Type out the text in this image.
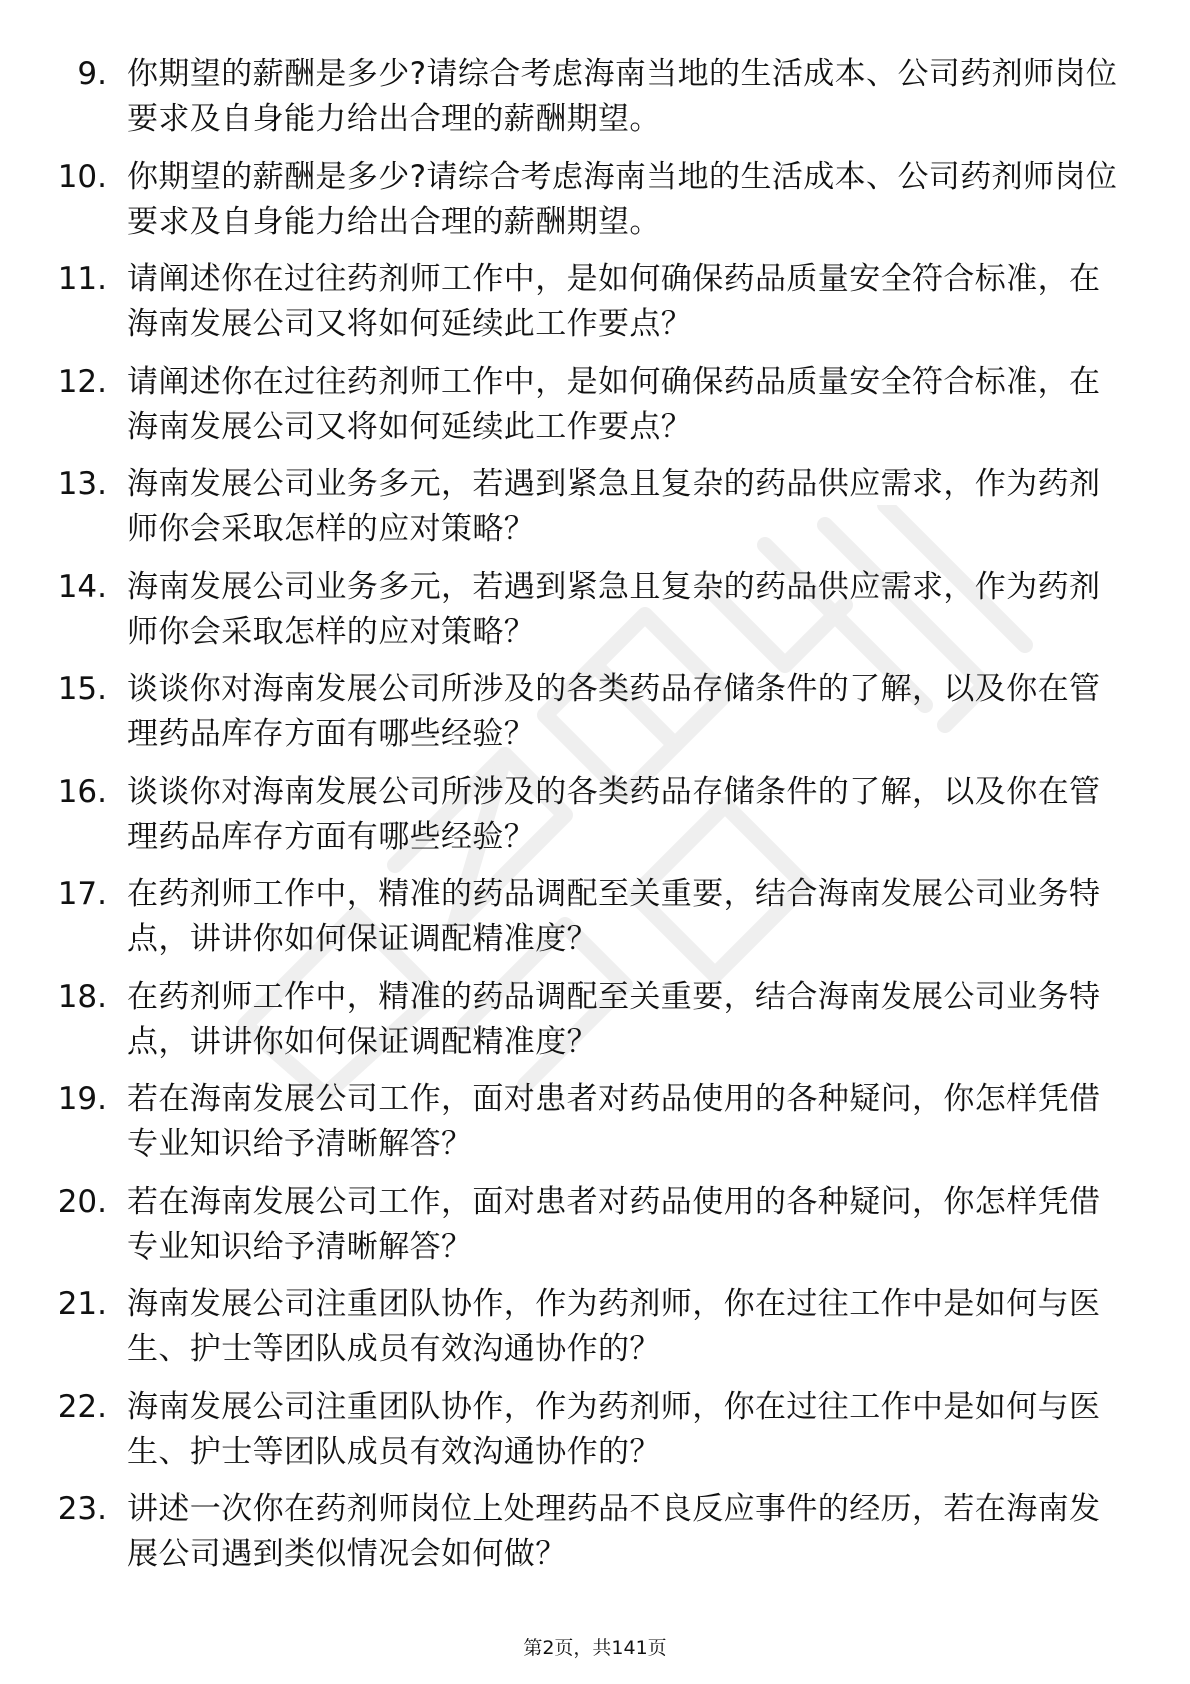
9. 你期望的薪酬是多少?请综合考虑海南当地的生活成本、公司药剂师岗位要求及自身能力给出合理的薪酬期望。
10. 你期望的薪酬是多少?请综合考虑海南当地的生活成本、公司药剂师岗位要求及自身能力给出合理的薪酬期望。
11. 请阐述你在过往药剂师工作中，是如何确保药品质量安全符合标准，在海南发展公司又将如何延续此工作要点？
12. 请阐述你在过往药剂师工作中，是如何确保药品质量安全符合标准，在海南发展公司又将如何延续此工作要点？
13. 海南发展公司业务多元，若遇到紧急且复杂的药品供应需求，作为药剂师你会采取怎样的应对策略？
14. 海南发展公司业务多元，若遇到紧急且复杂的药品供应需求，作为药剂师你会采取怎样的应对策略？
15. 谈谈你对海南发展公司所涉及的各类药品存储条件的了解，以及你在管理药品库存方面有哪些经验？
16. 谈谈你对海南发展公司所涉及的各类药品存储条件的了解，以及你在管理药品库存方面有哪些经验？
17. 在药剂师工作中，精准的药品调配至关重要，结合海南发展公司业务特点，讲讲你如何保证调配精准度？
18. 在药剂师工作中，精准的药品调配至关重要，结合海南发展公司业务特点，讲讲你如何保证调配精准度？
19. 若在海南发展公司工作，面对患者对药品使用的各种疑问，你怎样凭借专业知识给予清晰解答？
20. 若在海南发展公司工作，面对患者对药品使用的各种疑问，你怎样凭借专业知识给予清晰解答？
21. 海南发展公司注重团队协作，作为药剂师，你在过往工作中是如何与医生、护士等团队成员有效沟通协作的？
22. 海南发展公司注重团队协作，作为药剂师，你在过往工作中是如何与医生、护士等团队成员有效沟通协作的？
23. 讲述一次你在药剂师岗位上处理药品不良反应事件的经历，若在海南发展公司遇到类似情况会如何做？
第2页，共141页
